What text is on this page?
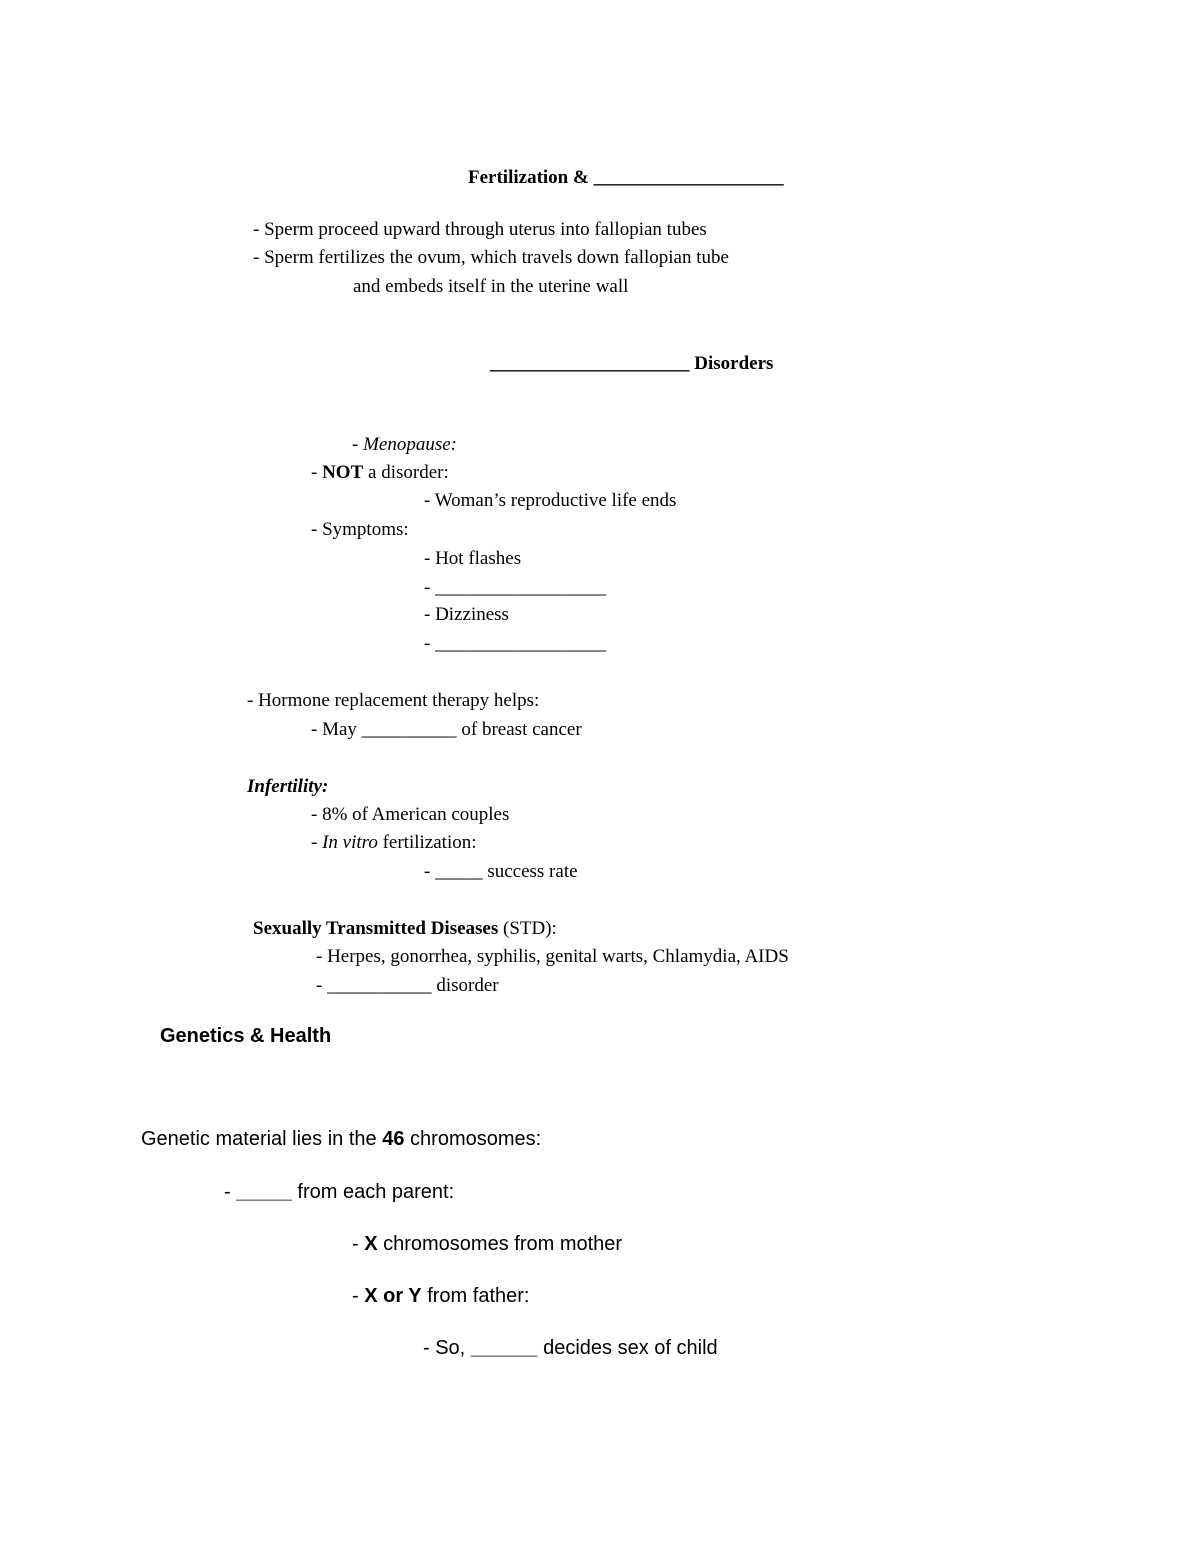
Fertilization & ____________________
- Sperm proceed upward through uterus into fallopian tubes
- Sperm fertilizes the ovum, which travels down fallopian tube
and embeds itself in the uterine wall
_____________________ Disorders
- Menopause:
- NOT a disorder:
- Woman’s reproductive life ends
- Symptoms:
- Hot flashes
- __________________
- Dizziness
- __________________
- Hormone replacement therapy helps:
- May __________ of breast cancer
Infertility:
- 8% of American couples
- In vitro fertilization:
- _____ success rate
Sexually Transmitted Diseases (STD):
- Herpes, gonorrhea, syphilis, genital warts, Chlamydia, AIDS
- ___________ disorder
Genetics & Health
Genetic material lies in the 46 chromosomes:
- _____ from each parent:
- X chromosomes from mother
- X or Y from father:
- So, ______ decides sex of child
